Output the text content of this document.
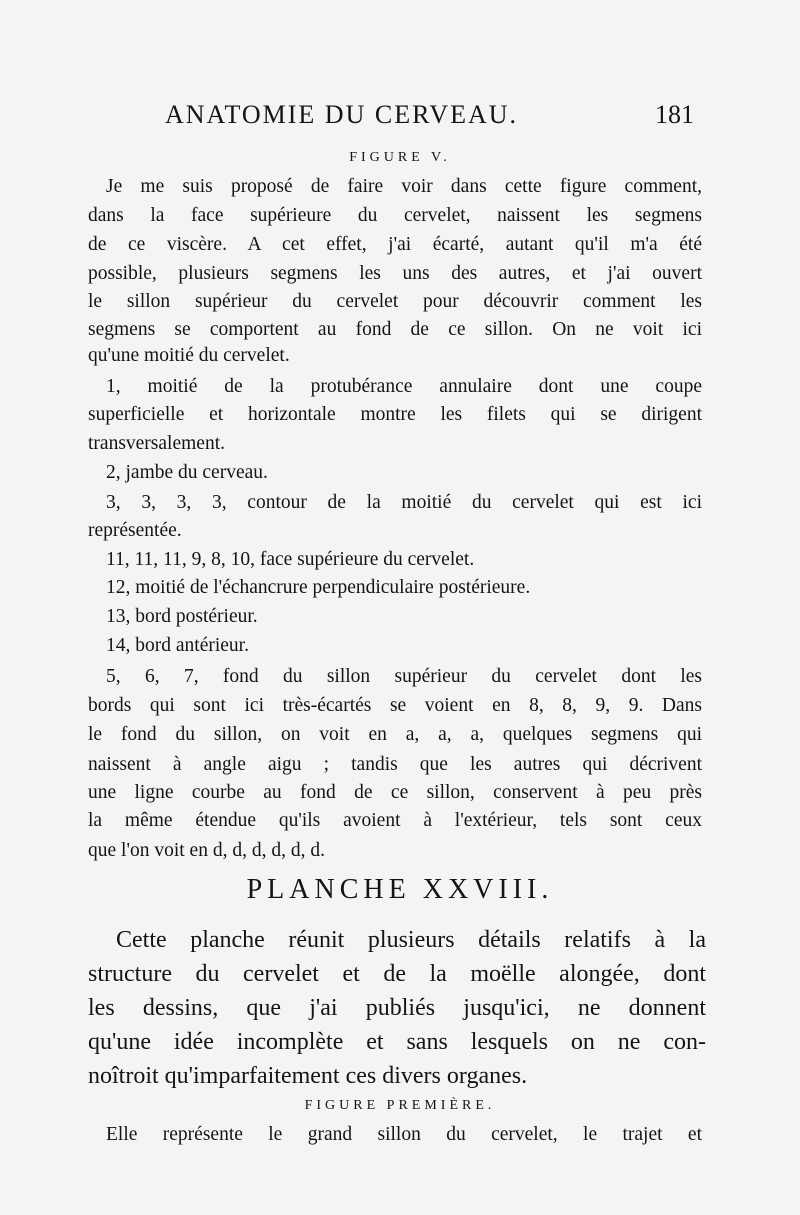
ANATOMIE DU CERVEAU.	181
FIGURE V.
Je me suis proposé de faire voir dans cette figure comment,
dans la face supérieure du cervelet, naissent les segmens
de ce viscère. A cet effet, j'ai écarté, autant qu'il m'a été
possible, plusieurs segmens les uns des autres, et j'ai ouvert
le sillon supérieur du cervelet pour découvrir comment les
segmens se comportent au fond de ce sillon. On ne voit ici
qu'une moitié du cervelet.
1, moitié de la protubérance annulaire dont une coupe
superficielle et horizontale montre les filets qui se dirigent
transversalement.
2, jambe du cerveau.
3, 3, 3, 3, contour de la moitié du cervelet qui est ici
représentée.
11, 11, 11, 9, 8, 10, face supérieure du cervelet.
12, moitié de l'échancrure perpendiculaire postérieure.
13, bord postérieur.
14, bord antérieur.
5, 6, 7, fond du sillon supérieur du cervelet dont les
bords qui sont ici très-écartés se voient en 8, 8, 9, 9. Dans
le fond du sillon, on voit en a, a, a, quelques segmens qui
naissent à angle aigu ; tandis que les autres qui décrivent
une ligne courbe au fond de ce sillon, conservent à peu près
la même étendue qu'ils avoient à l'extérieur, tels sont ceux
que l'on voit en d, d, d, d, d, d.
PLANCHE XXVIII.
Cette planche réunit plusieurs détails relatifs à la
structure du cervelet et de la moëlle alongée, dont
les dessins, que j'ai publiés jusqu'ici, ne donnent
qu'une idée incomplète et sans lesquels on ne con-
noîtroit qu'imparfaitement ces divers organes.
FIGURE PREMIÈRE.
Elle représente le grand sillon du cervelet, le trajet et
